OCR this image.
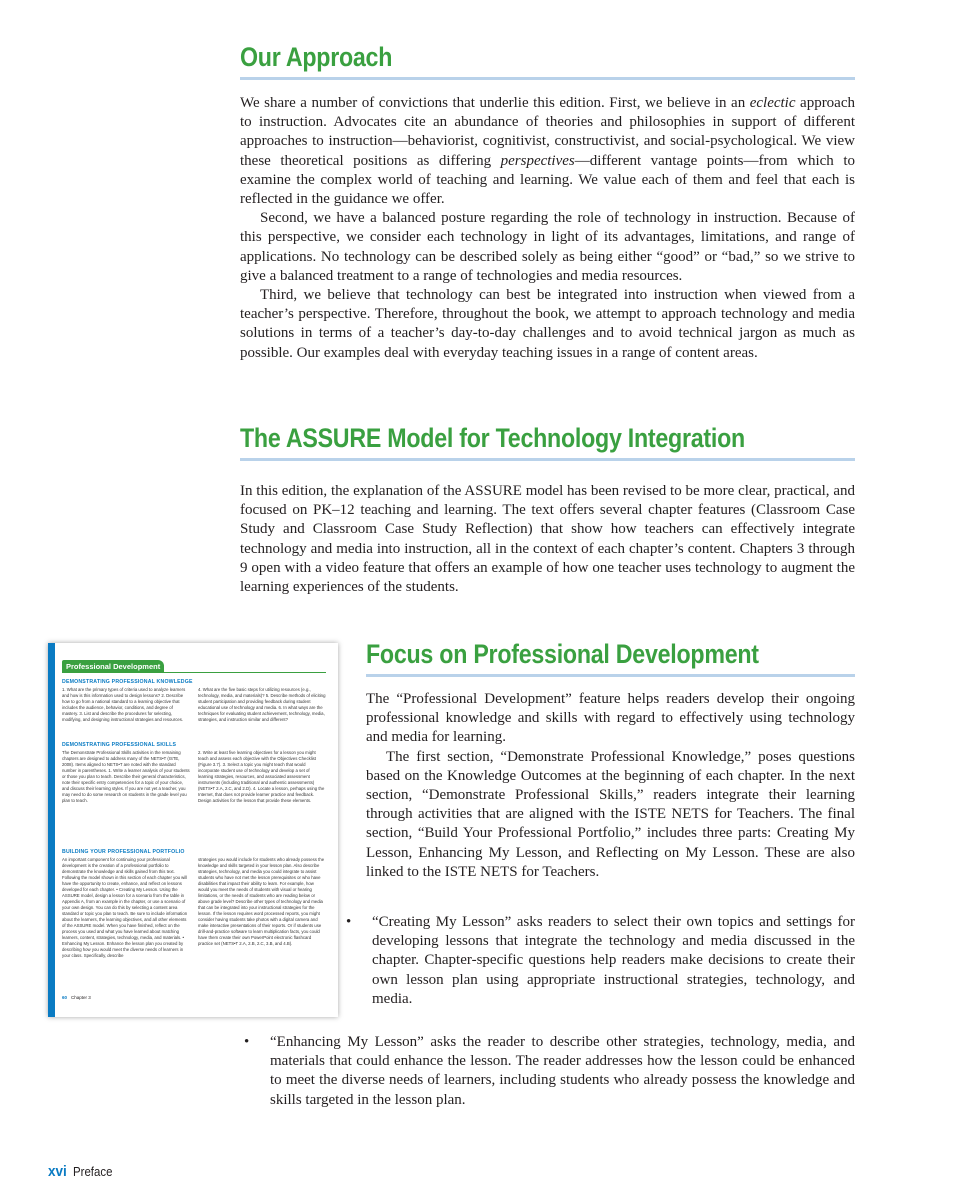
Our Approach

We share a number of convictions that underlie this edition. First, we believe in an eclectic approach to instruction. Advocates cite an abundance of theories and philosophies in support of different approaches to instruction—behaviorist, cognitivist, constructivist, and social-psychological. We view these theoretical positions as differing perspectives—different vantage points—from which to examine the complex world of teaching and learning. We value each of them and feel that each is reflected in the guidance we offer.

Second, we have a balanced posture regarding the role of technology in instruction. Because of this perspective, we consider each technology in light of its advantages, limitations, and range of applications. No technology can be described solely as being either “good” or “bad,” so we strive to give a balanced treatment to a range of technologies and media resources.

Third, we believe that technology can best be integrated into instruction when viewed from a teacher’s perspective. Therefore, throughout the book, we attempt to approach technology and media solutions in terms of a teacher’s day-to-day challenges and to avoid technical jargon as much as possible. Our examples deal with everyday teaching issues in a range of content areas.

The ASSURE Model for Technology Integration

In this edition, the explanation of the ASSURE model has been revised to be more clear, practical, and focused on PK–12 teaching and learning. The text offers several chapter features (Classroom Case Study and Classroom Case Study Reflection) that show how teachers can effectively integrate technology and media into instruction, all in the context of each chapter’s content. Chapters 3 through 9 open with a video feature that offers an example of how one teacher uses technology to augment the learning experiences of the students.

Professional Development
DEMONSTRATING PROFESSIONAL KNOWLEDGE
1. What are the primary types of criteria used to analyze learners and how is this information used to design lessons? 2. Describe how to go from a national standard to a learning objective that includes the audience, behavior, conditions, and degree of mastery. 3. List and describe the procedures for selecting, modifying, and designing instructional strategies and resources.
4. What are the five basic steps for utilizing resources (e.g., technology, media, and materials)? 5. Describe methods of eliciting student participation and providing feedback during student educational use of technology and media. 6. In what ways are the techniques for evaluating student achievement, technology, media, strategies, and instruction similar and different?
DEMONSTRATING PROFESSIONAL SKILLS
The Demonstrate Professional Skills activities in the remaining chapters are designed to address many of the NETS•T (ISTE, 2008). Items aligned to NETS•T are noted with the standard number in parentheses. 1. Write a learner analysis of your students or those you plan to teach. Describe their general characteristics, note their specific entry competencies for a topic of your choice, and discuss their learning styles. If you are not yet a teacher, you may need to do some research on students in the grade level you plan to teach.
2. Write at least five learning objectives for a lesson you might teach and assess each objective with the Objectives Checklist (Figure 3.7). 3. Select a topic you might teach that would incorporate student use of technology and develop a set of learning strategies, resources, and associated assessment instruments (including traditional and authentic assessments) (NETS•T 2.A, 2.C, and 2.D). 4. Locate a lesson, perhaps using the Internet, that does not provide learner practice and feedback. Design activities for the lesson that provide these elements.
BUILDING YOUR PROFESSIONAL PORTFOLIO
An important component for continuing your professional development is the creation of a professional portfolio to demonstrate the knowledge and skills gained from this text. Following the model shown in this section of each chapter you will have the opportunity to create, enhance, and reflect on lessons developed for each chapter. • Creating My Lesson. Using the ASSURE model, design a lesson for a scenario from the table in Appendix A, from an example in the chapter, or use a scenario of your own design. You can do this by selecting a content area standard or topic you plan to teach. Be sure to include information about the learners, the learning objectives, and all other elements of the ASSURE model. When you have finished, reflect on the process you used and what you have learned about matching learners, content, strategies, technology, media, and materials. • Enhancing My Lesson. Enhance the lesson plan you created by describing how you would meet the diverse needs of learners in your class. Specifically, describe
strategies you would include for students who already possess the knowledge and skills targeted in your lesson plan. Also describe strategies, technology, and media you could integrate to assist students who have not met the lesson prerequisites or who have disabilities that impact their ability to learn. For example, how would you meet the needs of students with visual or hearing limitations, or the needs of students who are reading below or above grade level? Describe other types of technology and media that can be integrated into your instructional strategies for the lesson. If the lesson requires word processed reports, you might consider having students take photos with a digital camera and make interactive presentations of their reports. Or if students use drill-and-practice software to learn multiplication facts, you could have them create their own PowerPoint electronic flashcard practice set (NETS•T 2.A, 2.B, 2.C, 3.B, and 4.B).
60 Chapter 3
Focus on Professional Development

The “Professional Development” feature helps readers develop their ongoing professional knowledge and skills with regard to effectively using technology and media for learning.

The first section, “Demonstrate Professional Knowledge,” poses questions based on the Knowledge Outcomes at the beginning of each chapter. In the next section, “Demonstrate Professional Skills,” readers integrate their learning through activities that are aligned with the ISTE NETS for Teachers. The final section, “Build Your Professional Portfolio,” includes three parts: Creating My Lesson, Enhancing My Lesson, and Reflecting on My Lesson. These are also linked to the ISTE NETS for Teachers.

• “Creating My Lesson” asks readers to select their own topics and settings for developing lessons that integrate the technology and media discussed in the chapter. Chapter-specific questions help readers make decisions to create their own lesson plan using appropriate instructional strategies, technology, and media.
• “Enhancing My Lesson” asks the reader to describe other strategies, technology, media, and materials that could enhance the lesson. The reader addresses how the lesson could be enhanced to meet the diverse needs of learners, including students who already possess the knowledge and skills targeted in the lesson plan.
xvi Preface
